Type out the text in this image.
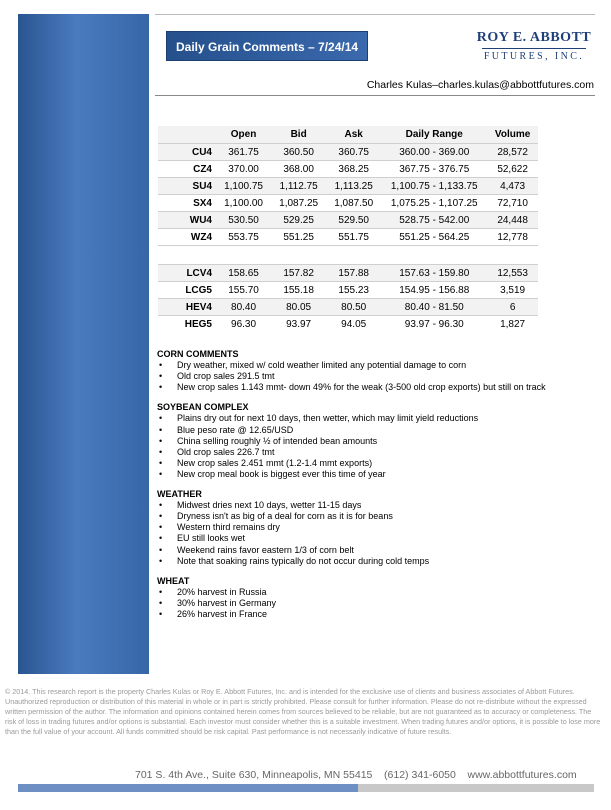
Daily Grain Comments – 7/24/14
ROY E. ABBOTT
FUTURES, INC.
Charles Kulas–charles.kulas@abbottfutures.com
	Open	Bid	Ask	Daily Range	Volume
CU4	361.75	360.50	360.75	360.00 - 369.00	28,572
CZ4	370.00	368.00	368.25	367.75 - 376.75	52,622
SU4	1,100.75	1,112.75	1,113.25	1,100.75 - 1,133.75	4,473
SX4	1,100.00	1,087.25	1,087.50	1,075.25 - 1,107.25	72,710
WU4	530.50	529.25	529.50	528.75 - 542.00	24,448
WZ4	553.75	551.25	551.75	551.25 - 564.25	12,778

LCV4	158.65	157.82	157.88	157.63 - 159.80	12,553
LCG5	155.70	155.18	155.23	154.95 - 156.88	3,519
HEV4	80.40	80.05	80.50	80.40 - 81.50	6
HEG5	96.30	93.97	94.05	93.97 - 96.30	1,827
CORN COMMENTS
• Dry weather, mixed w/ cold weather limited any potential damage to corn
• Old crop sales 291.5 tmt
• New crop sales 1.143 mmt- down 49% for the weak (3-500 old crop exports) but still on track
SOYBEAN COMPLEX
• Plains dry out for next 10 days, then wetter, which may limit yield reductions
• Blue peso rate @ 12.65/USD
• China selling roughly ½ of intended bean amounts
• Old crop sales 226.7 tmt
• New crop sales 2.451 mmt (1.2-1.4 mmt exports)
• New crop meal book is biggest ever this time of year
WEATHER
• Midwest dries next 10 days, wetter 11-15 days
• Dryness isn't as big of a deal for corn as it is for beans
• Western third remains dry
• EU still looks wet
• Weekend rains favor eastern 1/3 of corn belt
• Note that soaking rains typically do not occur during cold temps
WHEAT
• 20% harvest in Russia
• 30% harvest in Germany
• 26% harvest in France
© 2014. This research report is the property Charles Kulas or Roy E. Abbott Futures, Inc. and is intended for the exclusive use of clients and business associates of Abbott Futures. Unauthorized reproduction or distribution of this material in whole or in part is strictly prohibited. Please consult for further information. Please do not re-distribute without the expressed written permission of the author. The information and opinions contained herein comes from sources believed to be reliable, but are not guaranteed as to accuracy or completeness. The risk of loss in trading futures and/or options is substantial. Each investor must consider whether this is a suitable investment. When trading futures and/or options, it is possible to lose more than the full value of your account. All funds committed should be risk capital. Past performance is not necessarily indicative of future results.
701 S. 4th Ave., Suite 630, Minneapolis, MN 55415    (612) 341-6050    www.abbottfutures.com
